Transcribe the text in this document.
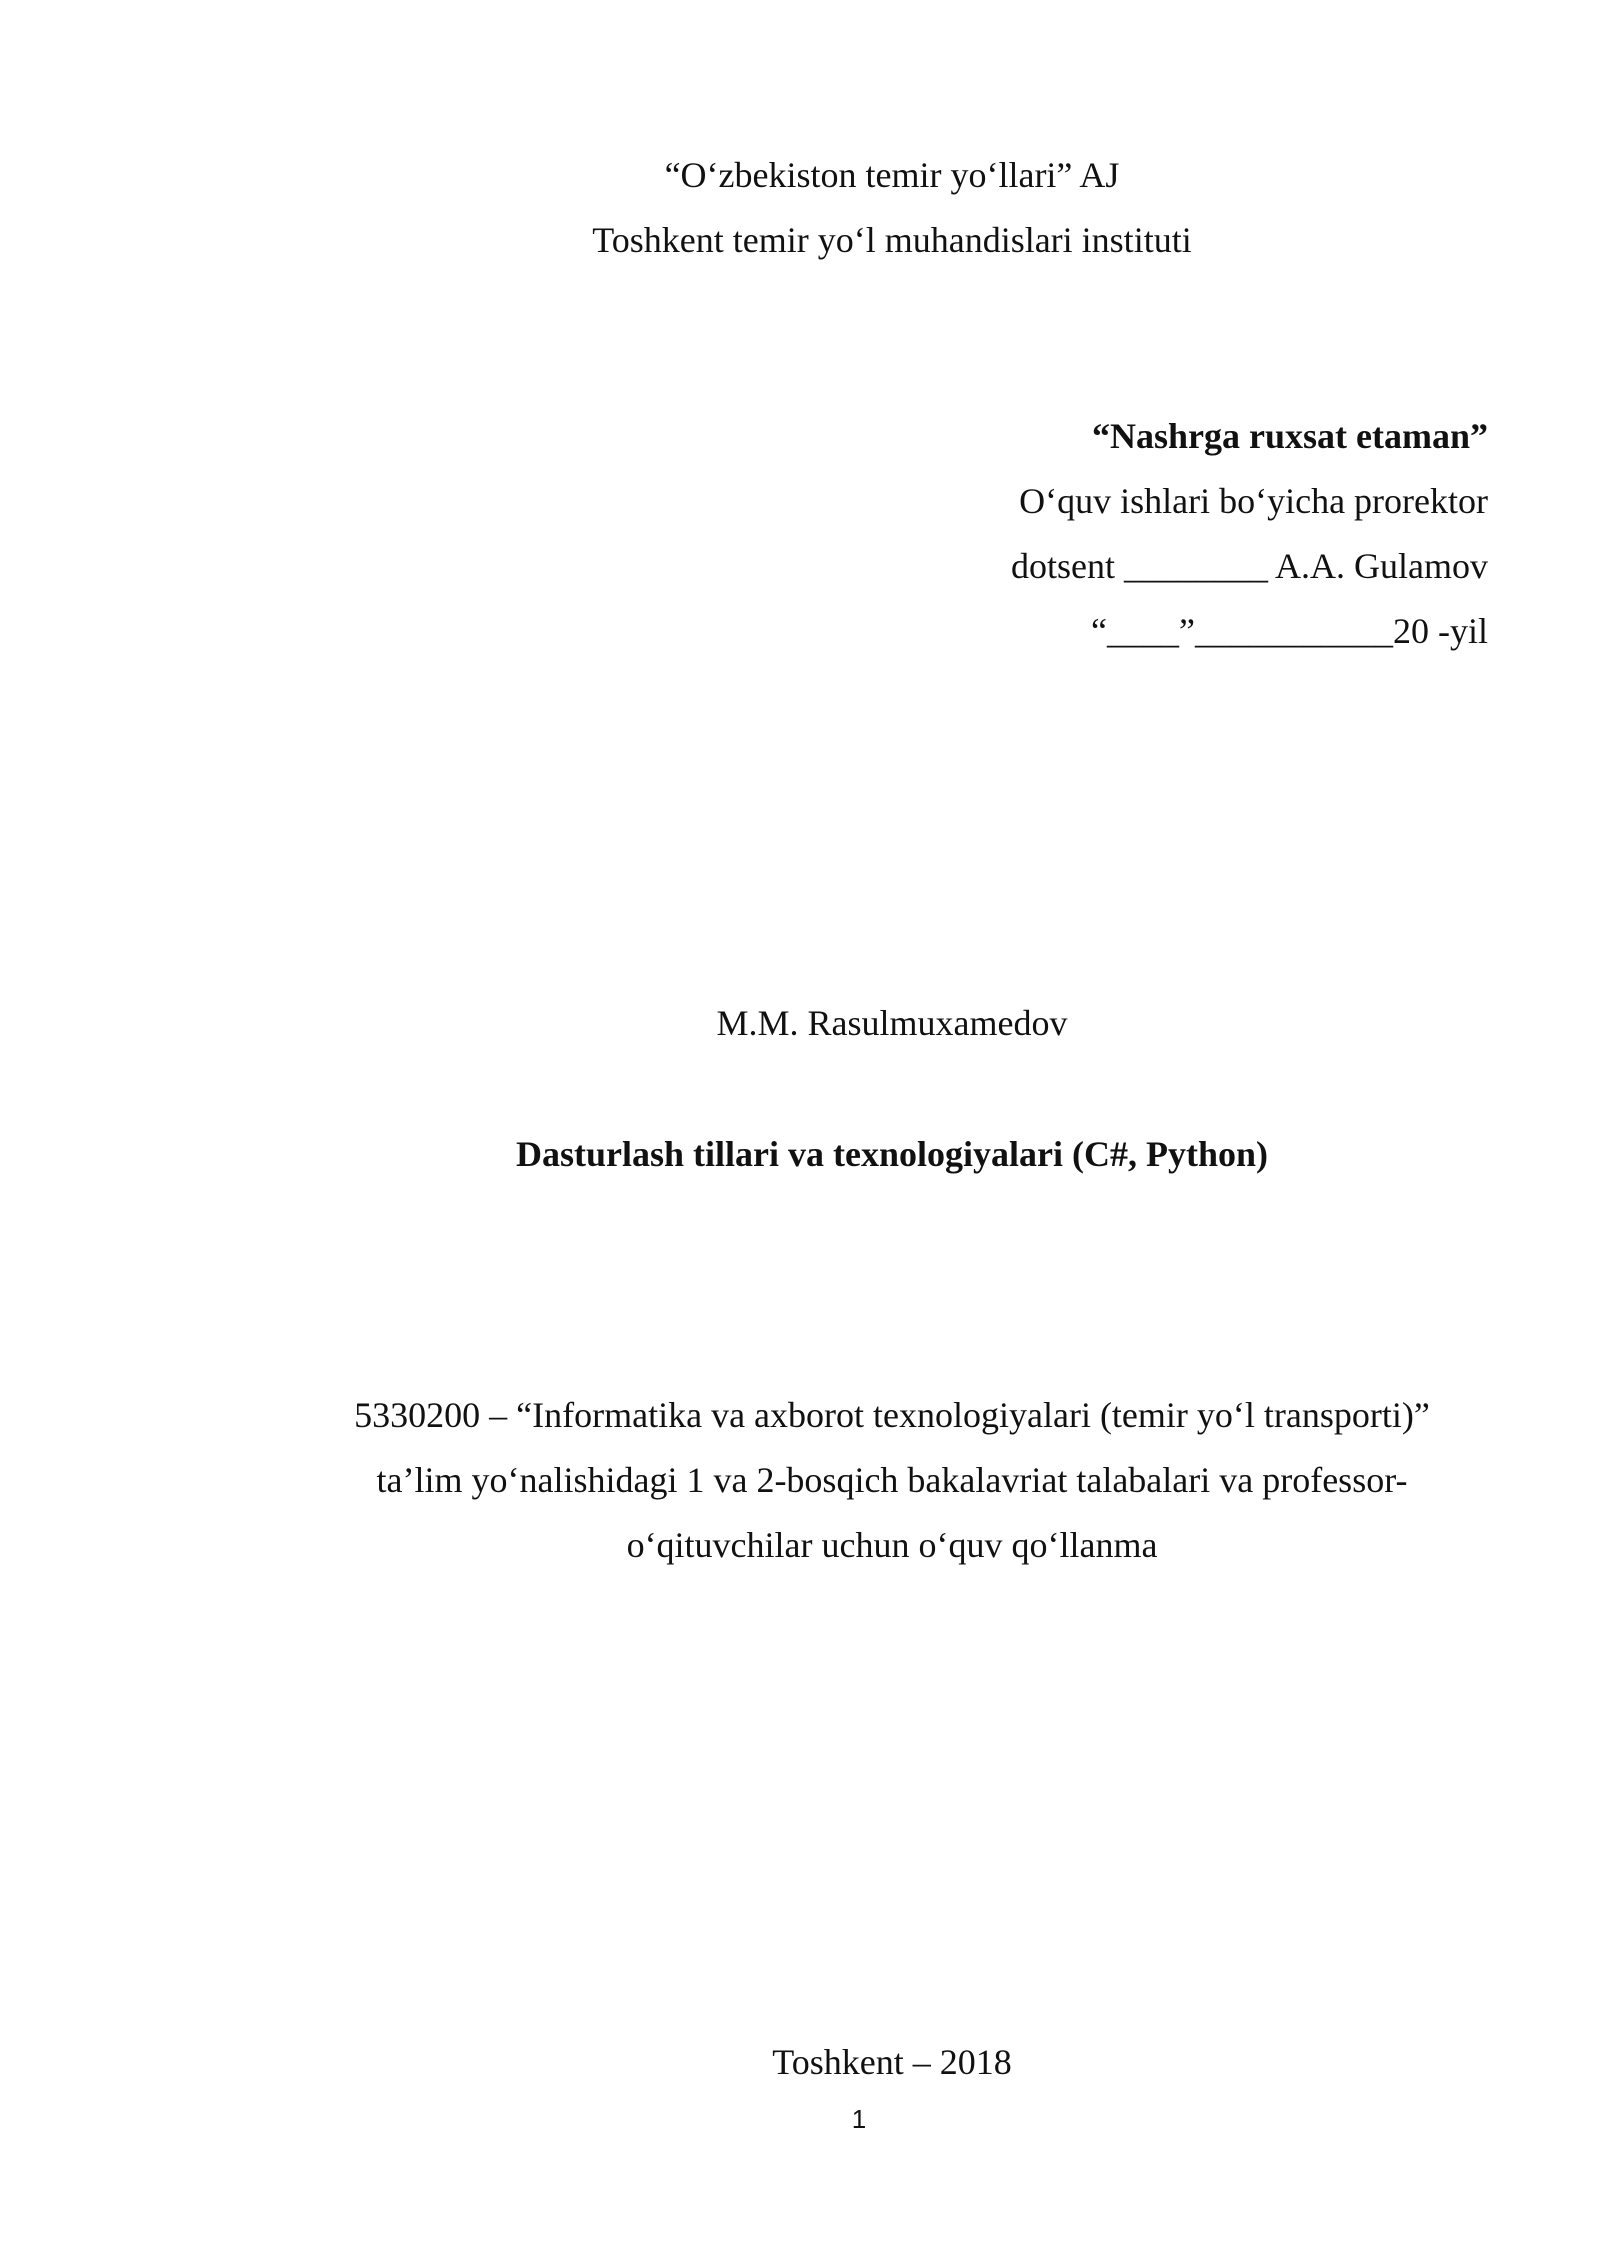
“O‘zbekiston temir yo‘llari” AJ
Toshkent temir yo‘l muhandislari instituti
“Nashrga ruxsat etaman”
O‘quv ishlari bo‘yicha prorektor
dotsent ________ A.A. Gulamov
“____”___________20 -yil
M.M. Rasulmuxamedov
Dasturlash tillari va texnologiyalari (C#, Python)
5330200 – “Informatika va axborot texnologiyalari (temir yo‘l transporti)”
ta’lim yo‘nalishidagi 1 va 2-bosqich bakalavriat talabalari va professor-
o‘qituvchilar uchun o‘quv qo‘llanma
Toshkent – 2018
1
